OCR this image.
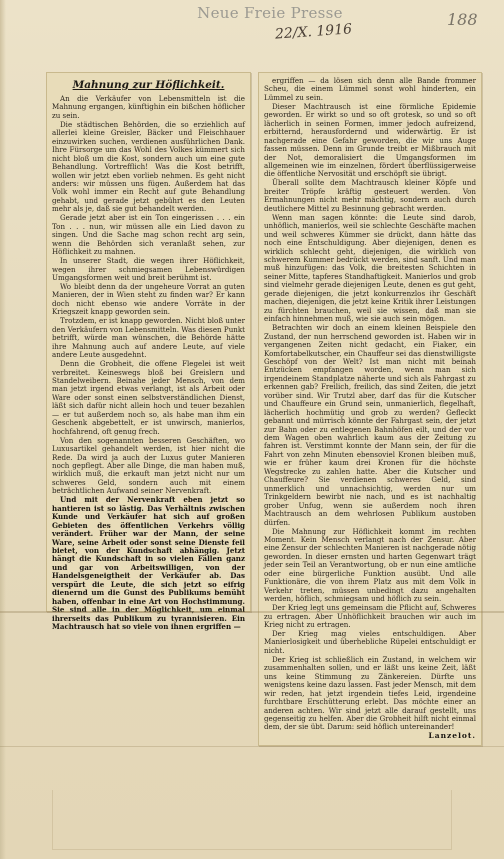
Neue Freie Presse
22/X. 1916
188
Mahnung zur Höflichkeit.

An die Verkäufer von Lebensmitteln ist die Mahnung ergangen, künftighin ein bißchen höflicher zu sein.

Die städtischen Behörden, die so erziehlich auf allerlei kleine Greisler, Bäcker und Fleischhauer einzuwirken suchen, verdienen ausführlichen Dank. Ihre Fürsorge um das Wohl des Volkes kümmert sich nicht bloß um die Kost, sondern auch um eine gute Behandlung. Vortrefflich! Was die Kost betrifft, wollen wir jetzt eben vorlieb nehmen. Es geht nicht anders: wir müssen uns fügen. Außerdem hat das Volk wohl immer ein Recht auf gute Behandlung gehabt, und gerade jetzt gebührt es den Leuten mehr als je, daß sie gut behandelt werden.

Gerade jetzt aber ist ein Ton eingerissen . . . ein Ton . . . nun, wir müssen alle ein Lied davon zu singen. Und die Sache mag schon recht arg sein, wenn die Behörden sich veranlaßt sehen, zur Höflichkeit zu mahnen.

In unserer Stadt, die wegen ihrer Höflichkeit, wegen ihrer schmiegsamen Lebenswürdigen Umgangsformen weit und breit berühmt ist.

Wo bleibt denn da der ungeheure Vorrat an guten Manieren, der in Wien steht zu finden war? Er kann doch nicht ebenso wie andere Vorräte in der Kriegszeit knapp geworden sein.

Trotzdem, er ist knapp geworden. Nicht bloß unter den Verkäufern von Lebensmitteln. Was diesen Punkt betrifft, würde man wünschen, die Behörde hätte ihre Mahnung auch auf andere Leute, auf viele andere Leute ausgedehnt.

Denn die Grobheit, die offene Flegelei ist weit verbreitet. Keineswegs bloß bei Greislern und Standelweibern. Beinahe jeder Mensch, von dem man jetzt irgend etwas verlangt, ist als Arbeit oder Ware oder sonst einen selbstverständlichen Dienst, läßt sich dafür nicht allein hoch und teuer bezahlen — er tut außerdem noch so, als habe man ihm ein Geschenk abgebettelt, er ist unwirsch, manierlos, hochfahrend, oft genug frech.

Von den sogenannten besseren Geschäften, wo Luxusartikel gehandelt werden, ist hier nicht die Rede. Da wird ja auch der Luxus guter Manieren noch gepflegt. Aber alle Dinge, die man haben muß, wirklich muß, die erkauft man jetzt nicht nur um schweres Geld, sondern auch mit einem beträchtlichen Aufwand seiner Nervenkraft.

Und mit der Nervenkraft eben jetzt so hantieren ist so lästig. Das Verhältnis zwischen Kunde und Verkäufer hat sich auf großen Gebieten des öffentlichen Verkehrs völlig verändert. Früher war der Mann, der seine Ware, seine Arbeit oder sonst seine Dienste feil bietet, von der Kundschaft abhängig. Jetzt hängt die Kundschaft in so vielen Fällen ganz und gar von Arbeitswilligen, von der Handelsgeneigtheit der Verkäufer ab. Das verspürt die Leute, die sich jetzt so eifrig dienernd um die Gunst des Publikums bemüht haben, offenbar in eine Art von Hochstimmung. Sie sind alle in der Möglichkeit, um einmal ihrerseits das Publikum zu tyrannisieren. Ein Machtrausch hat so viele von ihnen ergriffen —

ergriffen — da lösen sich denn alle Bande frommer Scheu, die einem Lümmel sonst wohl hinderten, ein Lümmel zu sein.

Dieser Machtrausch ist eine förmliche Epidemie geworden. Er wirkt so und so oft grotesk, so und so oft lächerlich in seinen Formen, immer jedoch aufreizend, erbitternd, herausfordernd und widerwärtig. Er ist nachgerade eine Gefahr geworden, die wir uns Auge fassen müssen. Denn im Grunde treibt er Mißbrauch mit der Not, demoralisiert die Umgangsformen im allgemeinen wie im einzelnen, fördert überflüssigerweise die öffentliche Nervosität und erschöpft sie übrigt.

Überall sollte dem Machtrausch kleiner Köpfe und breiter Tröpfe kräftig gesteuert werden. Von Ermahnungen nicht mehr mächtig, sondern auch durch deutlichere Mittel zu Besinnung gebracht werden.

Wenn man sagen könnte: die Leute sind darob, unhöflich, manierlos, weil sie schlechte Geschäfte machen und weil schweres Kümmer sie drückt, dann hätte das noch eine Entschuldigung. Aber diejenigen, denen es wirklich schlecht geht, diejenigen, die wirklich von schwerem Kummer bedrückt werden, sind sanft. Und man muß hinzufügen: das Volk, die breitesten Schichten in seiner Mitte, tapferes Standhaftigkeit. Manierlos und grob sind vielmehr gerade diejenigen Leute, denen es gut geht, gerade diejenigen, die jetzt konkurrenzlos ihr Geschäft machen, diejenigen, die jetzt keine Kritik ihrer Leistungen zu fürchten brauchen, weil sie wissen, daß man sie einfach hinnehmen muß, wie sie auch sein mögen.

Betrachten wir doch an einem kleinen Beispiele den Zustand, der nun herrschend geworden ist. Haben wir in vergangenen Zeiten nicht gedacht, ein Fiaker, ein Komfortabelkutscher, ein Chauffeur sei das dienstwilligste Geschöpf von der Welt? Ist man nicht mit beinah Entzücken empfangen worden, wenn man sich irgendeinem Standplatze näherte und sich als Fahrgast zu erkennen gab? Freilich, freilich, das sind Zeiten, die jetzt vorüber sind. Wir Trutzl aber, darf das für die Kutscher und Chauffeure ein Grund sein, unmanierlich, flegelhaft, lächerlich hochmütig und grob zu werden? Gefleckt gebannt und mürrisch könnte der Fahrgast sein, der jetzt zur Bahn oder zu entlegenen Bahnhöfen eilt, und der vor dem Wagen oben wahrlich kaum aus der Zeitung zu fahren ist. Verstimmt konnte der Mann sein, der für die Fahrt von zehn Minuten ebensoviel Kronen bleiben muß, wie er früher kaum drei Kronen für die höchste Wegstrecke zu zahlen hatte. Aber die Kutscher und Chauffeure? Sie verdienen schweres Geld, sind unmerklich und unnachsichtig, werden nur um Trinkgeldern bewirbt nie nach, und es ist nachhaltig grober Unfug, wenn sie außerdem noch ihren Machtrausch an dem wehrlosen Publikum austoben dürfen.

Die Mahnung zur Höflichkeit kommt im rechten Moment. Kein Mensch verlangt nach der Zensur. Aber eine Zensur der schlechten Manieren ist nachgerade nötig geworden. In dieser ernsten und harten Gegenwart trägt jeder sein Teil an Verantwortung, ob er nun eine amtliche oder eine bürgerliche Funktion ausübt. Und alle Funktionäre, die von ihrem Platz aus mit dem Volk in Verkehr treten, müssen unbedingt dazu angehalten werden, höflich, schmiegsam und höflich zu sein.

Der Krieg legt uns gemeinsam die Pflicht auf, Schweres zu ertragen. Aber Unhöflichkeit brauchen wir auch im Krieg nicht zu ertragen.

Der Krieg mag vieles entschuldigen. Aber Manierlosigkeit und überhebliche Rüpelei entschuldigt er nicht.

Der Krieg ist schließlich ein Zustand, in welchem wir zusammenhalten sollen, und er läßt uns keine Zeit, läßt uns keine Stimmung zu Zänkereien. Dürfte uns wenigstens keine dazu lassen. Fast jeder Mensch, mit dem wir reden, hat jetzt irgendein tiefes Leid, irgendeine furchtbare Erschütterung erlebt. Das möchte einer an anderen achten. Wir sind jetzt alle darauf gestellt, uns gegenseitig zu helfen. Aber die Grobheit hilft nicht einmal dem, der sie übt. Darum: seid höflich untereinander!

Lanzelot.
